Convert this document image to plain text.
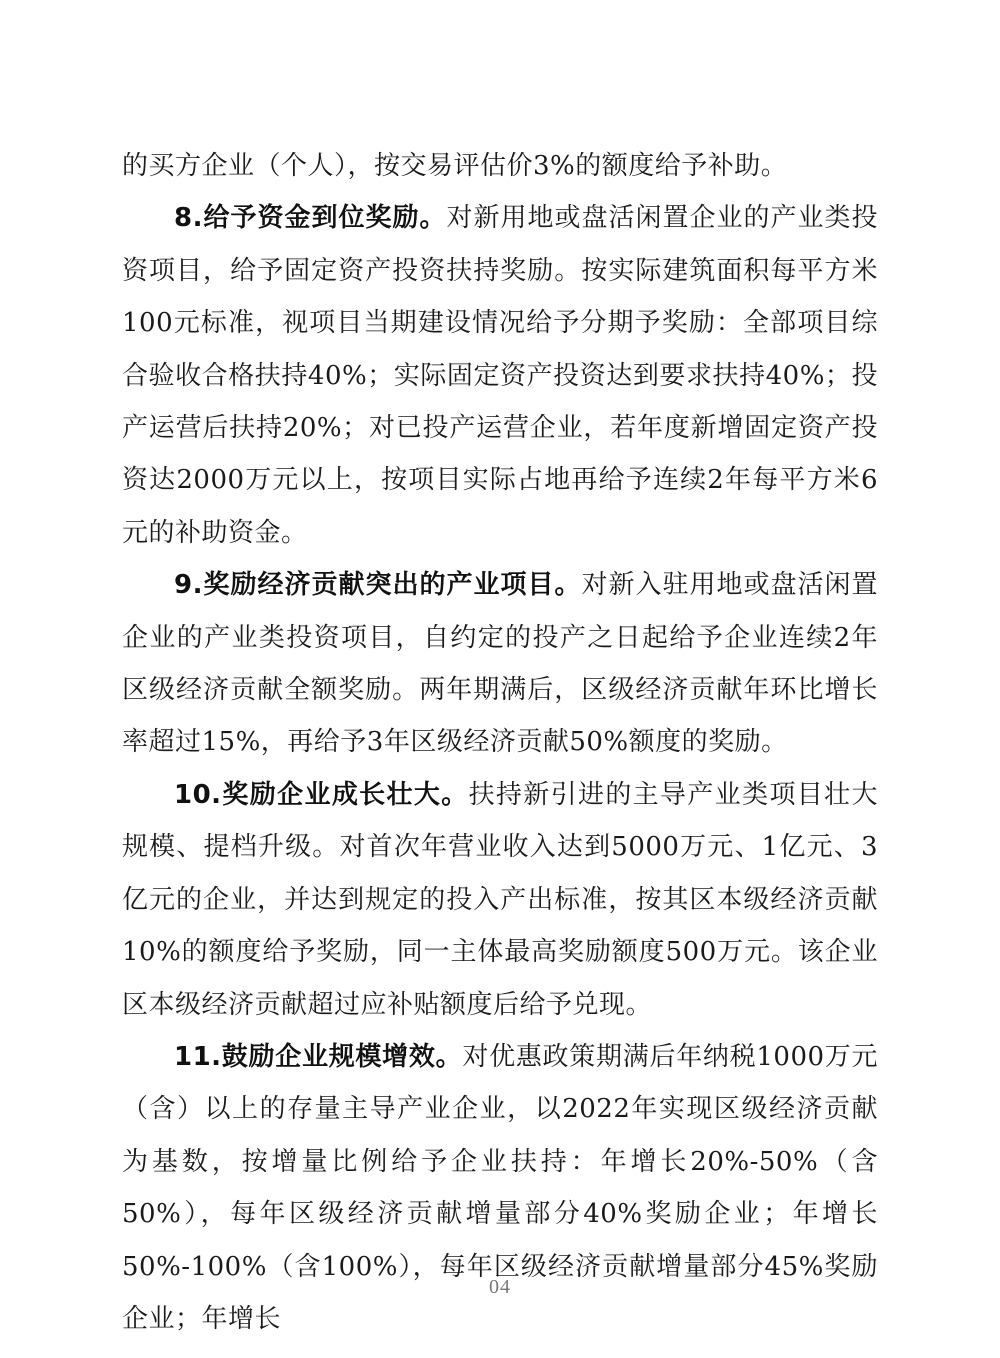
的买方企业（个人），按交易评估价3%的额度给予补助。

8.给予资金到位奖励。对新用地或盘活闲置企业的产业类投资项目，给予固定资产投资扶持奖励。按实际建筑面积每平方米100元标准，视项目当期建设情况给予分期予奖励：全部项目综合验收合格扶持40%；实际固定资产投资达到要求扶持40%；投产运营后扶持20%；对已投产运营企业，若年度新增固定资产投资达2000万元以上，按项目实际占地再给予连续2年每平方米6元的补助资金。

9.奖励经济贡献突出的产业项目。对新入驻用地或盘活闲置企业的产业类投资项目，自约定的投产之日起给予企业连续2年区级经济贡献全额奖励。两年期满后，区级经济贡献年环比增长率超过15%，再给予3年区级经济贡献50%额度的奖励。

10.奖励企业成长壮大。扶持新引进的主导产业类项目壮大规模、提档升级。对首次年营业收入达到5000万元、1亿元、3亿元的企业，并达到规定的投入产出标准，按其区本级经济贡献10%的额度给予奖励，同一主体最高奖励额度500万元。该企业区本级经济贡献超过应补贴额度后给予兑现。

11.鼓励企业规模增效。对优惠政策期满后年纳税1000万元（含）以上的存量主导产业企业，以2022年实现区级经济贡献为基数，按增量比例给予企业扶持：年增长20%-50%（含50%），每年区级经济贡献增量部分40%奖励企业；年增长50%-100%（含100%），每年区级经济贡献增量部分45%奖励企业；年增长

04
